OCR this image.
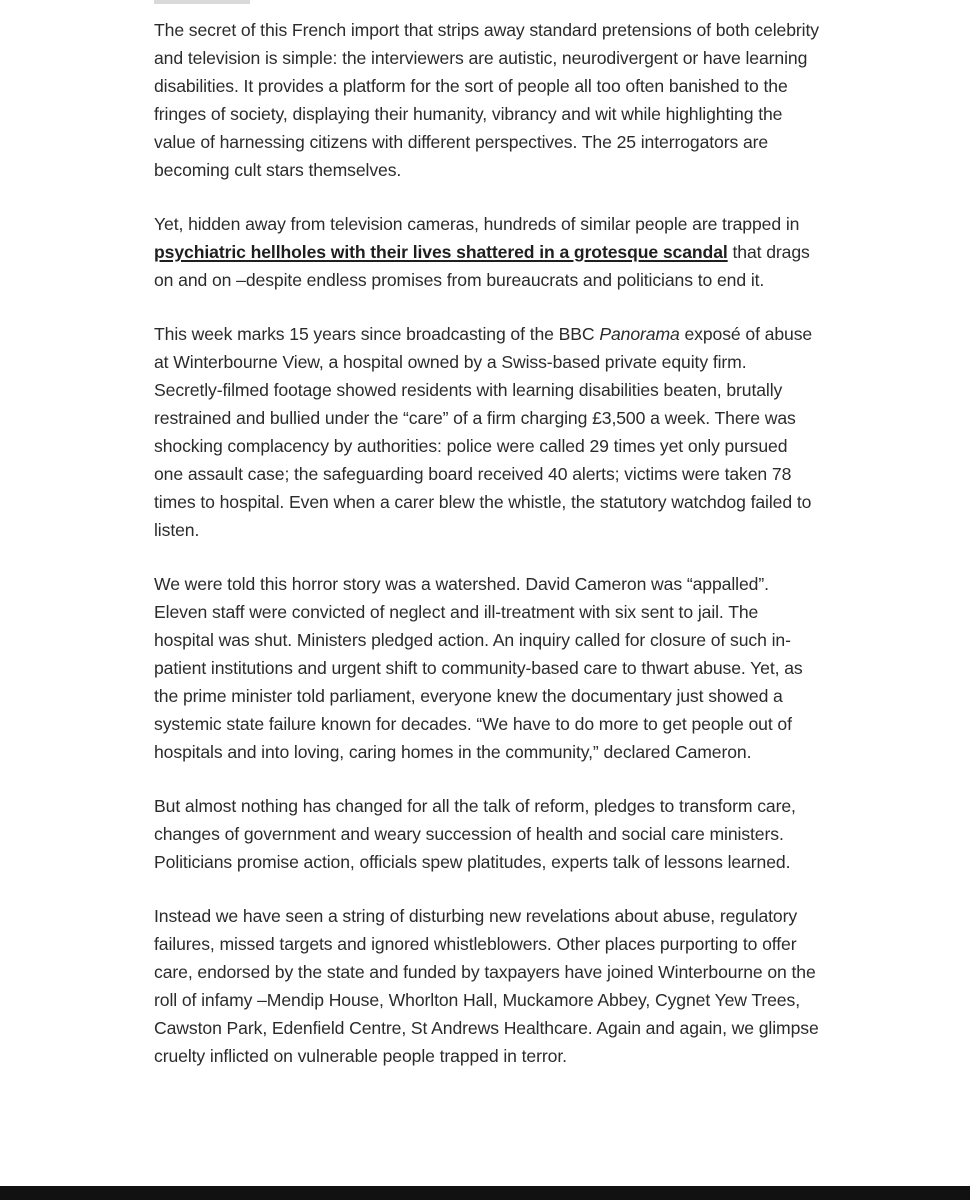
The secret of this French import that strips away standard pretensions of both celebrity and television is simple: the interviewers are autistic, neurodivergent or have learning disabilities. It provides a platform for the sort of people all too often banished to the fringes of society, displaying their humanity, vibrancy and wit while highlighting the value of harnessing citizens with different perspectives. The 25 interrogators are becoming cult stars themselves.

Yet, hidden away from television cameras, hundreds of similar people are trapped in psychiatric hellholes with their lives shattered in a grotesque scandal that drags on and on –despite endless promises from bureaucrats and politicians to end it.

This week marks 15 years since broadcasting of the BBC Panorama exposé of abuse at Winterbourne View, a hospital owned by a Swiss-based private equity firm. Secretly-filmed footage showed residents with learning disabilities beaten, brutally restrained and bullied under the “care” of a firm charging £3,500 a week. There was shocking complacency by authorities: police were called 29 times yet only pursued one assault case; the safeguarding board received 40 alerts; victims were taken 78 times to hospital. Even when a carer blew the whistle, the statutory watchdog failed to listen.

We were told this horror story was a watershed. David Cameron was “appalled”. Eleven staff were convicted of neglect and ill-treatment with six sent to jail. The hospital was shut. Ministers pledged action. An inquiry called for closure of such in-patient institutions and urgent shift to community-based care to thwart abuse. Yet, as the prime minister told parliament, everyone knew the documentary just showed a systemic state failure known for decades. “We have to do more to get people out of hospitals and into loving, caring homes in the community,” declared Cameron.

But almost nothing has changed for all the talk of reform, pledges to transform care, changes of government and weary succession of health and social care ministers. Politicians promise action, officials spew platitudes, experts talk of lessons learned.

Instead we have seen a string of disturbing new revelations about abuse, regulatory failures, missed targets and ignored whistleblowers. Other places purporting to offer care, endorsed by the state and funded by taxpayers have joined Winterbourne on the roll of infamy –Mendip House, Whorlton Hall, Muckamore Abbey, Cygnet Yew Trees, Cawston Park, Edenfield Centre, St Andrews Healthcare. Again and again, we glimpse cruelty inflicted on vulnerable people trapped in terror.
